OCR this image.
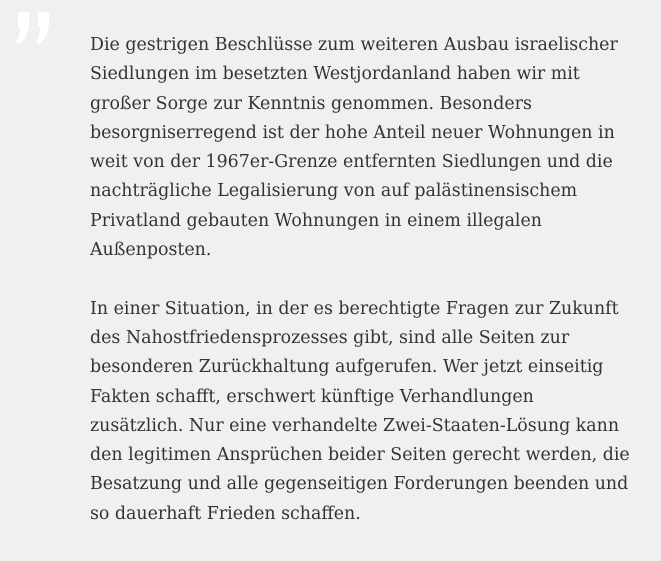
Die gestrigen Beschlüsse zum weiteren Ausbau israelischer
Siedlungen im besetzten Westjordanland haben wir mit
großer Sorge zur Kenntnis genommen. Besonders
besorgniserregend ist der hohe Anteil neuer Wohnungen in
weit von der 1967er-Grenze entfernten Siedlungen und die
nachträgliche Legalisierung von auf palästinensischem
Privatland gebauten Wohnungen in einem illegalen
Außenposten.

In einer Situation, in der es berechtigte Fragen zur Zukunft
des Nahostfriedensprozesses gibt, sind alle Seiten zur
besonderen Zurückhaltung aufgerufen. Wer jetzt einseitig
Fakten schafft, erschwert künftige Verhandlungen
zusätzlich. Nur eine verhandelte Zwei-Staaten-Lösung kann
den legitimen Ansprüchen beider Seiten gerecht werden, die
Besatzung und alle gegenseitigen Forderungen beenden und
so dauerhaft Frieden schaffen.
